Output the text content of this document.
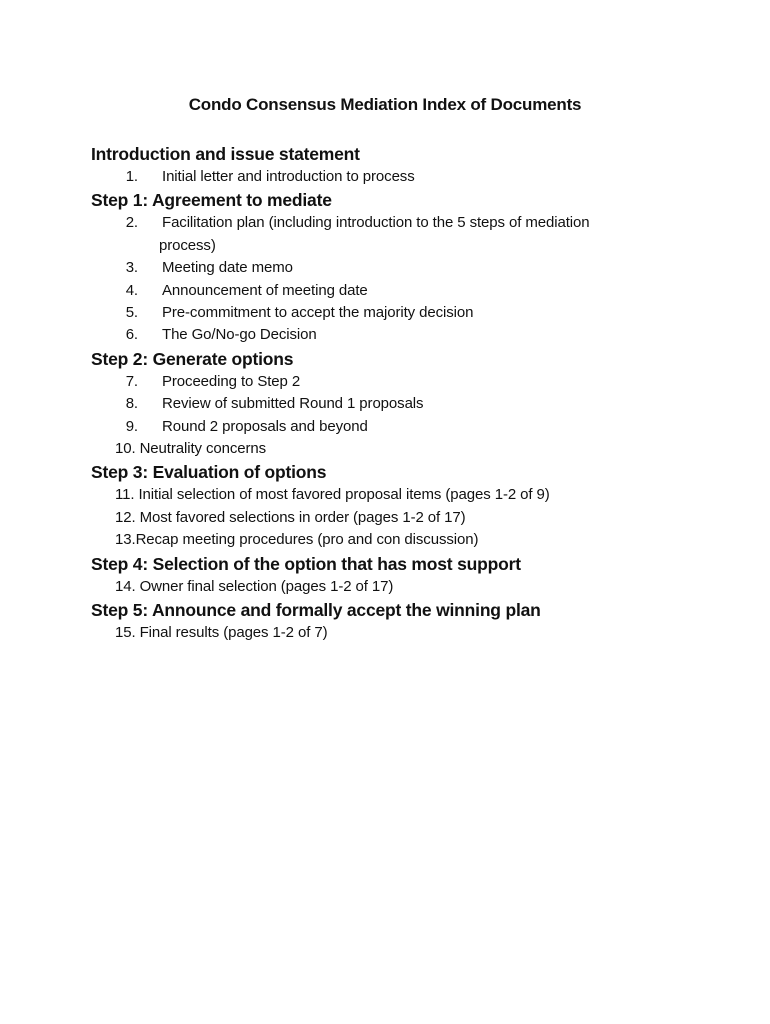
Condo Consensus Mediation Index of Documents
Introduction and issue statement
1. Initial letter and introduction to process
Step 1: Agreement to mediate
2. Facilitation plan (including introduction to the 5 steps of mediation process)
3. Meeting date memo
4. Announcement of meeting date
5. Pre-commitment to accept the majority decision
6. The Go/No-go Decision
Step 2: Generate options
7. Proceeding to Step 2
8. Review of submitted Round 1 proposals
9. Round 2 proposals and beyond
10. Neutrality concerns
Step 3: Evaluation of options
11. Initial selection of most favored proposal items (pages 1-2 of 9)
12. Most favored selections in order (pages 1-2 of 17)
13. Recap meeting procedures (pro and con discussion)
Step 4: Selection of the option that has most support
14. Owner final selection (pages 1-2 of 17)
Step 5: Announce and formally accept the winning plan
15. Final results (pages 1-2 of 7)
